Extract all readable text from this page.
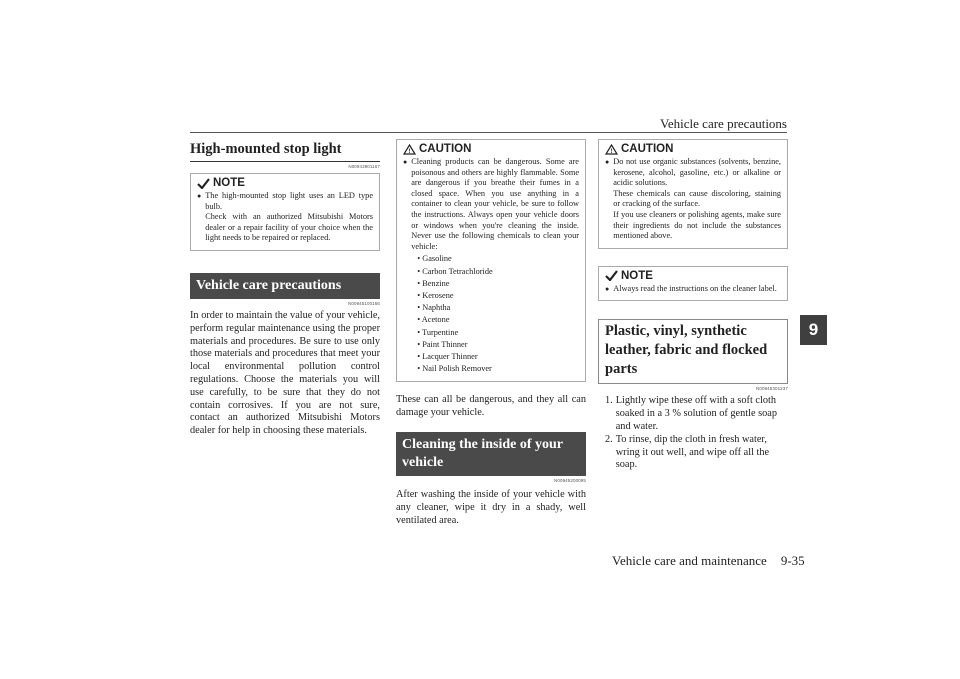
Vehicle care precautions
9
High-mounted stop light
N00943901167
NOTE
● The high-mounted stop light uses an LED type bulb.
Check with an authorized Mitsubishi Motors dealer or a repair facility of your choice when the light needs to be repaired or replaced.
Vehicle care precautions
N00945100166
In order to maintain the value of your vehicle, perform regular maintenance using the proper materials and procedures. Be sure to use only those materials and procedures that meet your local environmental pollution control regulations. Choose the materials you will use carefully, to be sure that they do not contain corrosives. If you are not sure, contact an authorized Mitsubishi Motors dealer for help in choosing these materials.
! CAUTION
● Cleaning products can be dangerous. Some are poisonous and others are highly flammable. Some are dangerous if you breathe their fumes in a closed space. When you use anything in a container to clean your vehicle, be sure to follow the instructions. Always open your vehicle doors or windows when you're cleaning the inside. Never use the following chemicals to clean your vehicle:
• Gasoline
• Carbon Tetrachloride
• Benzine
• Kerosene
• Naphtha
• Acetone
• Turpentine
• Paint Thinner
• Lacquer Thinner
• Nail Polish Remover
These can all be dangerous, and they all can damage your vehicle.
Cleaning the inside of your vehicle
N00945200095
After washing the inside of your vehicle with any cleaner, wipe it dry in a shady, well ventilated area.
! CAUTION
● Do not use organic substances (solvents, benzine, kerosene, alcohol, gasoline, etc.) or alkaline or acidic solutions.
These chemicals can cause discoloring, staining or cracking of the surface.
If you use cleaners or polishing agents, make sure their ingredients do not include the substances mentioned above.
NOTE
● Always read the instructions on the cleaner label.
Plastic, vinyl, synthetic leather, fabric and flocked parts
N00945301237
1. Lightly wipe these off with a soft cloth soaked in a 3 % solution of gentle soap and water.
2. To rinse, dip the cloth in fresh water, wring it out well, and wipe off all the soap.
Vehicle care and maintenance 9-35
